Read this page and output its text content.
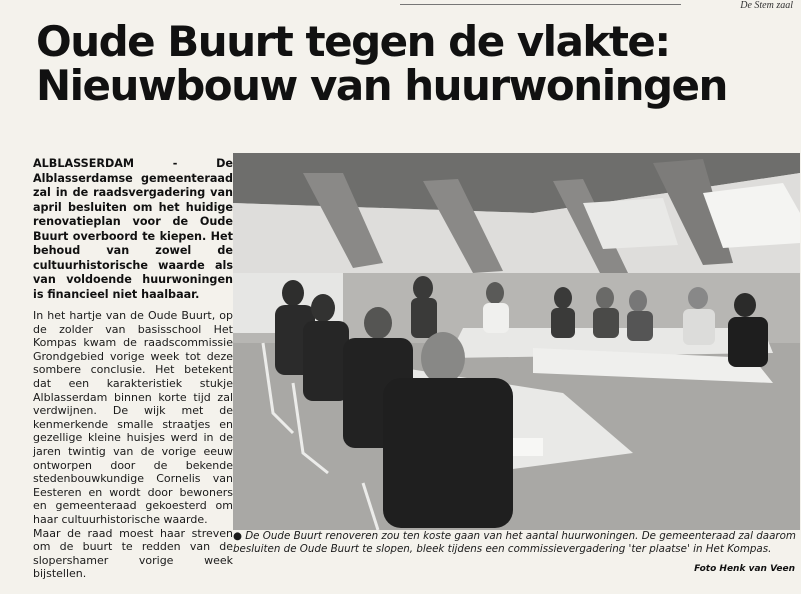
De Stem zaal
Oude Buurt tegen de vlakte:
Nieuwbouw van huurwoningen

ALBLASSERDAM - De Alblasserdamse gemeenteraad zal in de raadsvergadering van april besluiten om het huidige renovatieplan voor de Oude Buurt overboord te kiepen. Het behoud van zowel de cultuurhistorische waarde als van voldoende huurwoningen is financieel niet haalbaar.

In het hartje van de Oude Buurt, op de zolder van basisschool Het Kompas kwam de raadscommissie Grondgebied vorige week tot deze sombere conclusie. Het betekent dat een karakteristiek stukje Alblasserdam binnen korte tijd zal verdwijnen. De wijk met de kenmerkende smalle straatjes en gezellige kleine huisjes werd in de jaren twintig van de vorige eeuw ontworpen door de bekende stedenbouwkundige Cornelis van Eesteren en wordt door bewoners en gemeenteraad gekoesterd om haar cultuurhistorische waarde.

Maar de raad moest haar streven om de buurt te redden van de slopershamer vorige week bijstellen.

● De Oude Buurt renoveren zou ten koste gaan van het aantal huurwoningen. De gemeenteraad zal daarom besluiten de Oude Buurt te slopen, bleek tijdens een commissievergadering 'ter plaatse' in Het Kompas.
Foto Henk van Veen
